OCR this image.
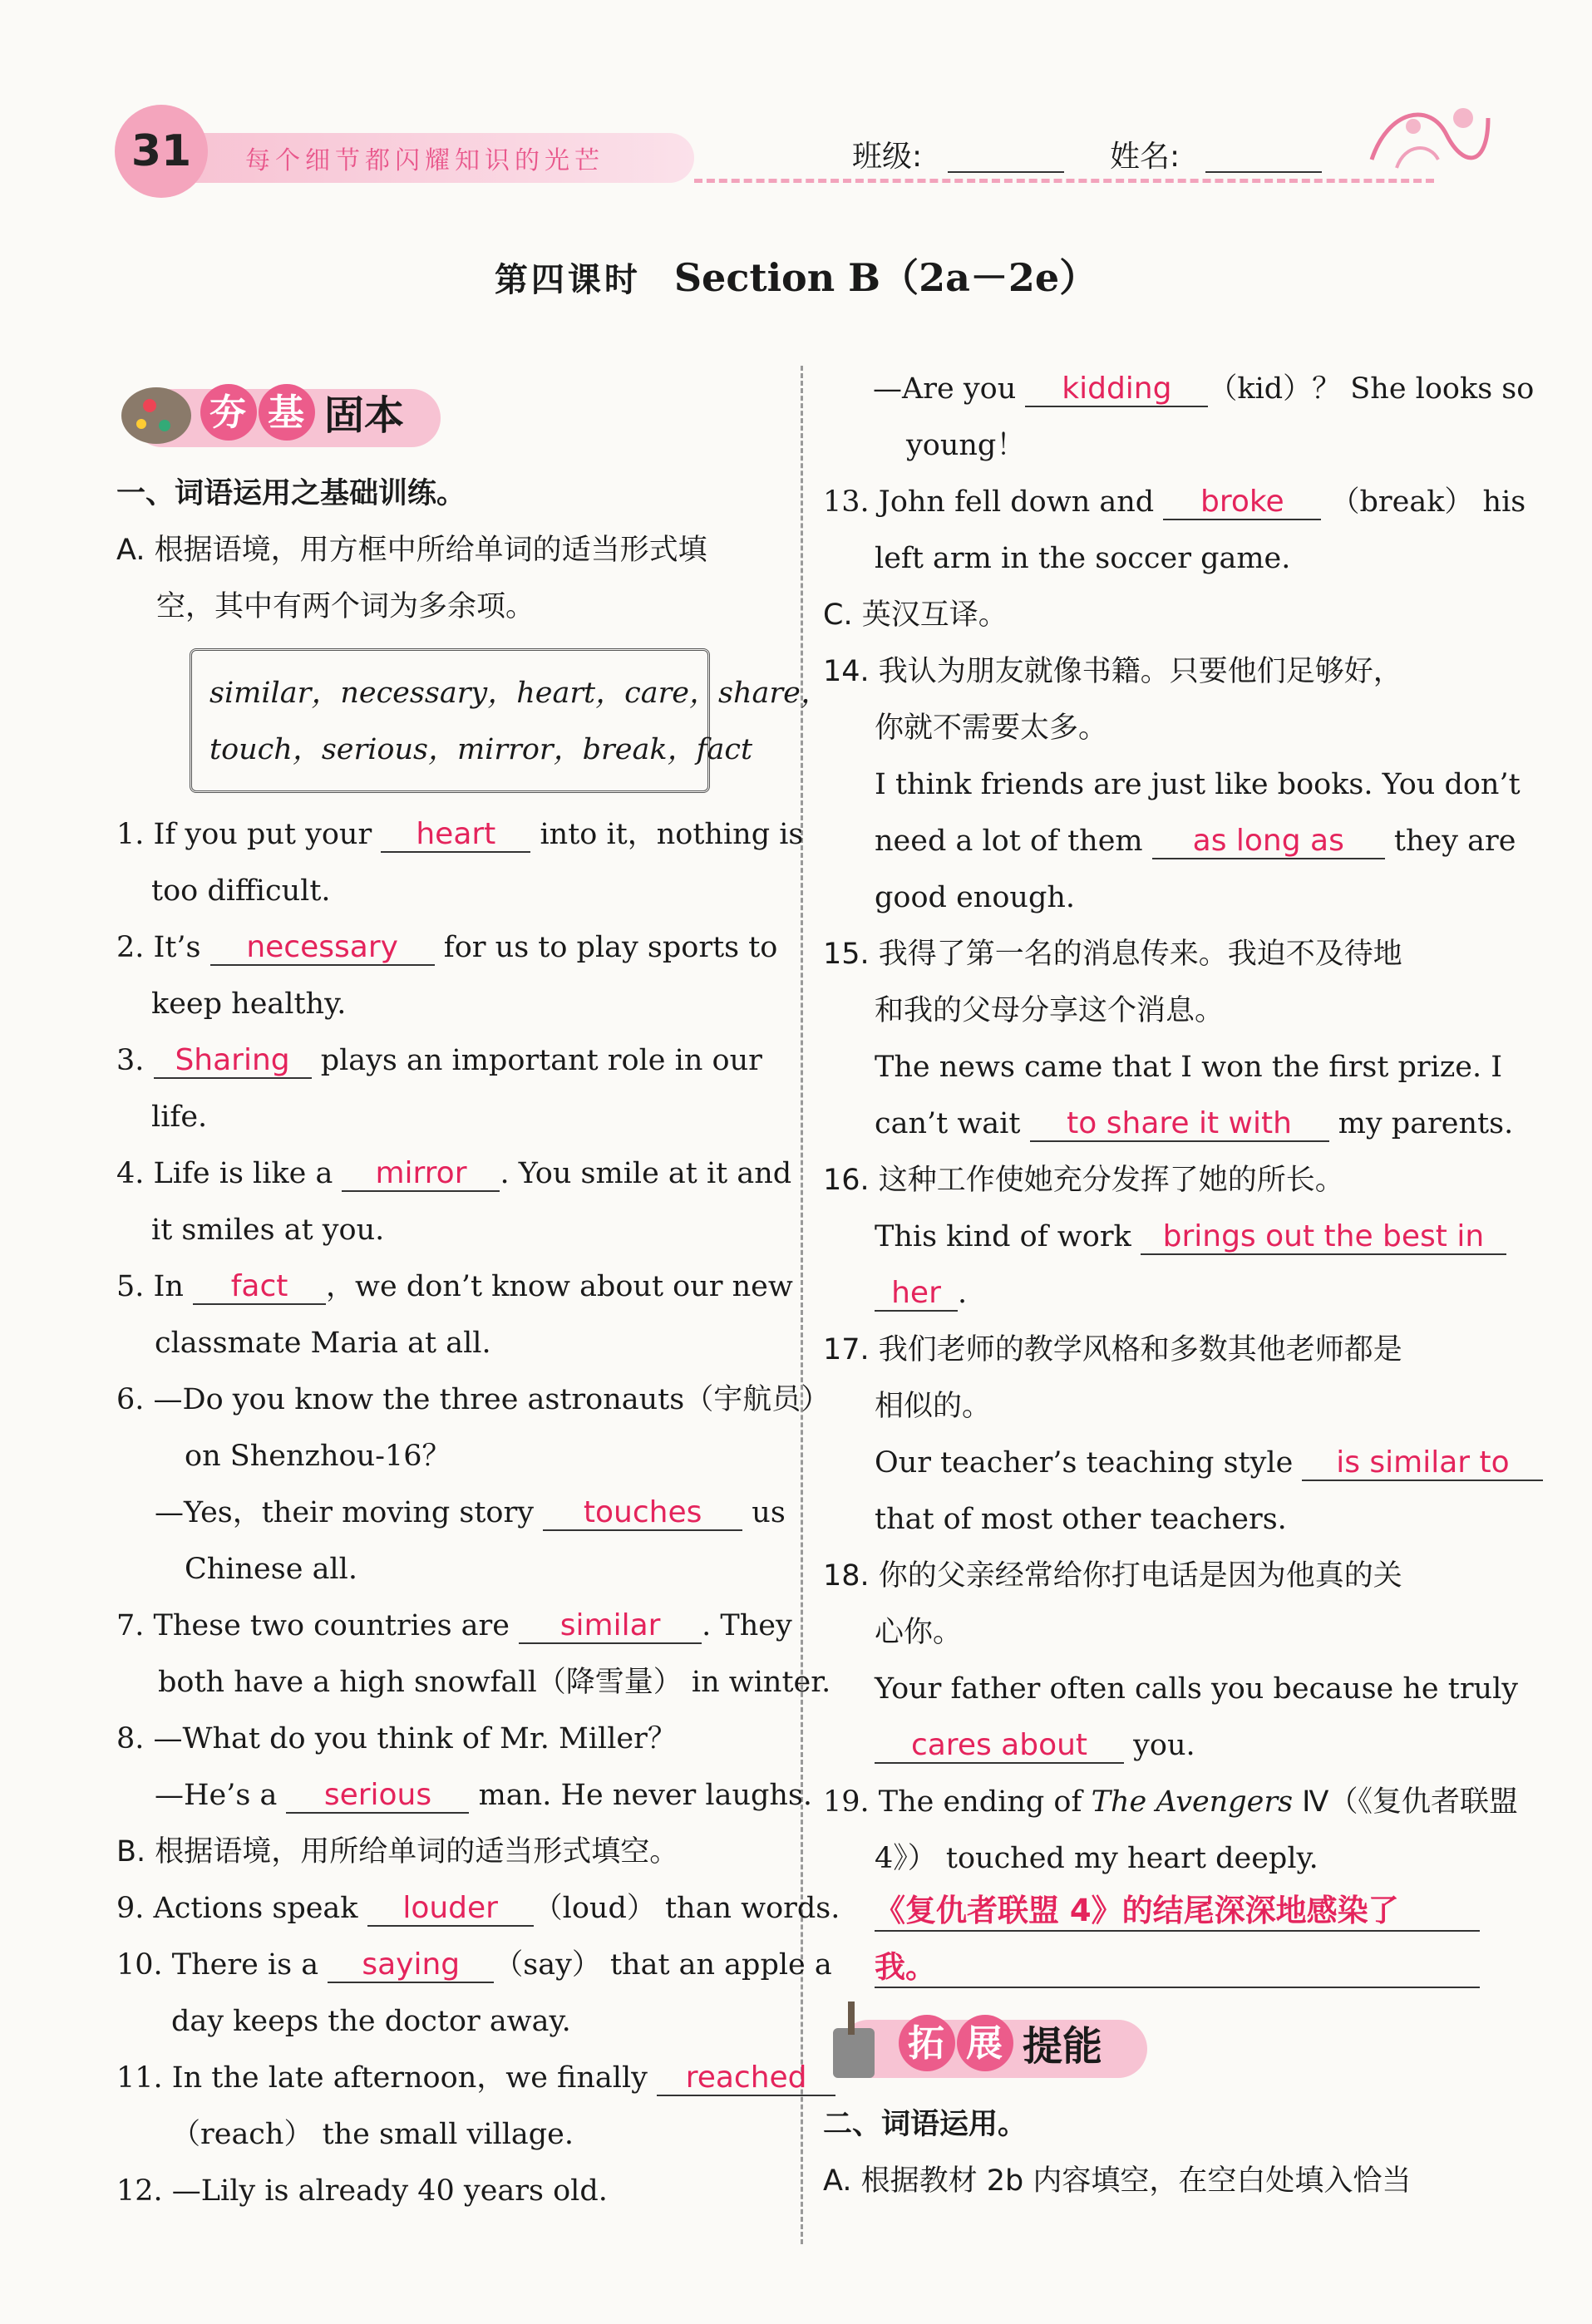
31	每个细节都闪耀知识的光芒	班级:	姓名:
第四课时 Section B（2a－2e）
夯 基 固本
一、词语运用之基础训练。
A. 根据语境，用方框中所给单词的适当形式填
空，其中有两个词为多余项。
similar，necessary，heart，care，share，
touch，serious，mirror，break，fact
1. If you put your heart into it，nothing is
too difficult.
2. It’s necessary for us to play sports to
keep healthy.
3. Sharing plays an important role in our
life.
4. Life is like a mirror . You smile at it and
it smiles at you.
5. In fact ，we don’t know about our new
classmate Maria at all.
6. —Do you know the three astronauts（宇航员）
on Shenzhou-16？
—Yes，their moving story touches us
Chinese all.
7. These two countries are similar . They
both have a high snowfall（降雪量） in winter.
8. —What do you think of Mr. Miller？
—He’s a serious man. He never laughs.
B. 根据语境，用所给单词的适当形式填空。
9. Actions speak louder （loud） than words.
10. There is a saying （say） that an apple a
day keeps the doctor away.
11. In the late afternoon，we finally reached
（reach） the small village.
12. —Lily is already 40 years old.
—Are you kidding （kid）？ She looks so
young！
13. John fell down and broke （break） his
left arm in the soccer game.
C. 英汉互译。
14. 我认为朋友就像书籍。只要他们足够好，
你就不需要太多。
I think friends are just like books. You don’t
need a lot of them as long as they are
good enough.
15. 我得了第一名的消息传来。我迫不及待地
和我的父母分享这个消息。
The news came that I won the first prize. I
can’t wait to share it with my parents.
16. 这种工作使她充分发挥了她的所长。
This kind of work brings out the best in
her .
17. 我们老师的教学风格和多数其他老师都是
相似的。
Our teacher’s teaching style is similar to
that of most other teachers.
18. 你的父亲经常给你打电话是因为他真的关
心你。
Your father often calls you because he truly
cares about you.
19. The ending of The Avengers Ⅳ（《复仇者联盟
4》） touched my heart deeply.
《复仇者联盟 4》的结尾深深地感染了
我。
拓 展 提能
二、词语运用。
A. 根据教材 2b 内容填空，在空白处填入恰当
